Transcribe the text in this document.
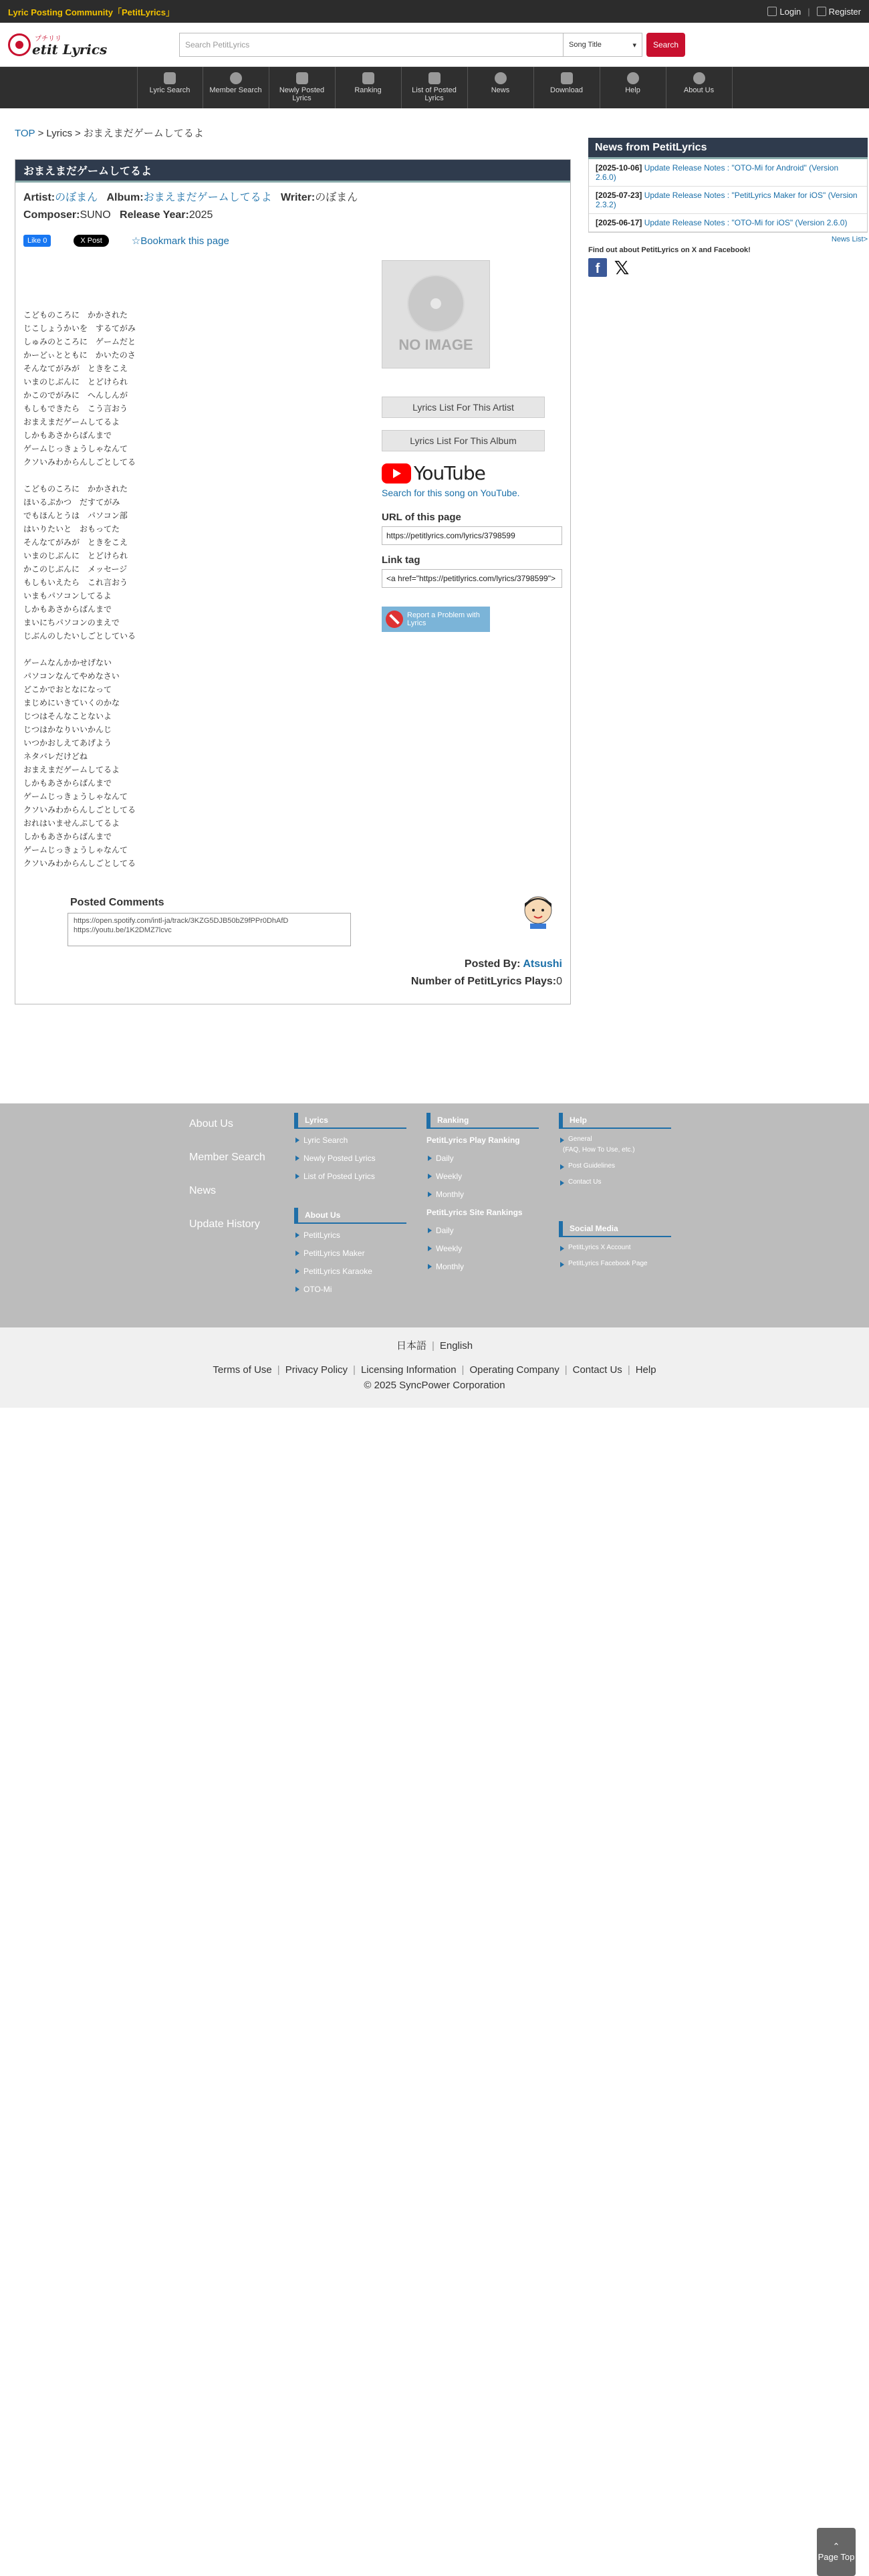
Lyric Posting Community「PetitLyrics」	Login |	Register
プチリリ
etit Lyrics	Search PetitLyrics	Song Title	▾	Search
Lyric Search	Member Search	Newly Posted Lyrics
Ranking	List of Posted Lyrics
News	Download	Help	About Us
TOP > Lyrics > おまえまだゲームしてるよ
おまえまだゲームしてるよ
Artist:のぼまん Album:おまえまだゲームしてるよ Writer:のぼまん   Composer:SUNO Release Year:2025
Like 0	X Post	☆Bookmark this page
こどものころに　かかされた
じこしょうかいを　するてがみ
しゅみのところに　ゲームだと
かーどぃとともに　かいたのさ
そんなてがみが　ときをこえ
いまのじぶんに　とどけられ
かこのでがみに　へんしんが
もしもできたら　こう言おう
おまえまだゲームしてるよ
しかもあさからばんまで
ゲームじっきょうしゃなんて
クソいみわからんしごとしてる

こどものころに　かかされた
ほいるぷかつ　だすてがみ
でもほんとうは　パソコン部
はいりたいと　おもってた
そんなてがみが　ときをこえ
いまのじぶんに　とどけられ
かこのじぶんに　メッセージ
もしもいえたら　これ言おう
いまもパソコンしてるよ
しかもあさからばんまで
まいにちパソコンのまえで
じぶんのしたいしごとしている

ゲームなんかかせげない
パソコンなんてやめなさい
どこかでおとなになって
まじめにいきていくのかな
じつはそんなことないよ
じつはかなりいいかんじ
いつかおしえてあげよう
ネタバレだけどね
おまえまだゲームしてるよ
しかもあさからばんまで
ゲームじっきょうしゃなんて
クソいみわからんしごとしてる
おれはいませんぷしてるよ
しかもあさからばんまで
ゲームじっきょうしゃなんて
クソいみわからんしごとしてる
NO IMAGE
Lyrics List For This Artist
Lyrics List For This Album
YouTube
Search for this song on YouTube.
URL of this page
https://petitlyrics.com/lyrics/3798599
Link tag
<a href="https://petitlyrics.com/lyrics/3798599">
Report a Problem with Lyrics
Posted Comments
https://open.spotify.com/intl-ja/track/3KZG5DJB50bZ9fPPr0DhAfD https://youtu.be/1K2DMZ7lcvc
Posted By: Atsushi
Number of PetitLyrics Plays:0
News from PetitLyrics
[2025-10-06] Update Release Notes : "OTO-Mi for Android" (Version 2.6.0)
[2025-07-23] Update Release Notes : "PetitLyrics Maker for iOS" (Version 2.3.2)
[2025-06-17] Update Release Notes : "OTO-Mi for iOS" (Version 2.6.0)
News List>
Find out about PetitLyrics on X and Facebook!
f 𝕏
About Us
Member Search
News
Update History
Lyrics
Lyric Search
Newly Posted Lyrics
List of Posted Lyrics
About Us
PetitLyrics
PetitLyrics Maker
PetitLyrics Karaoke
OTO-Mi
Ranking
PetitLyrics Play Ranking
Daily
Weekly
Monthly
PetitLyrics Site Rankings
Daily
Weekly
Monthly
Help
General
(FAQ, How To Use, etc.)
Post Guidelines
Contact Us
Social Media
PetitLyrics X Account
PetitLyrics Facebook Page
日本語 | English
Terms of Use | Privacy Policy | Licensing Information | Operating Company | Contact Us | Help
© 2025 SyncPower Corporation
⌃
Page Top
